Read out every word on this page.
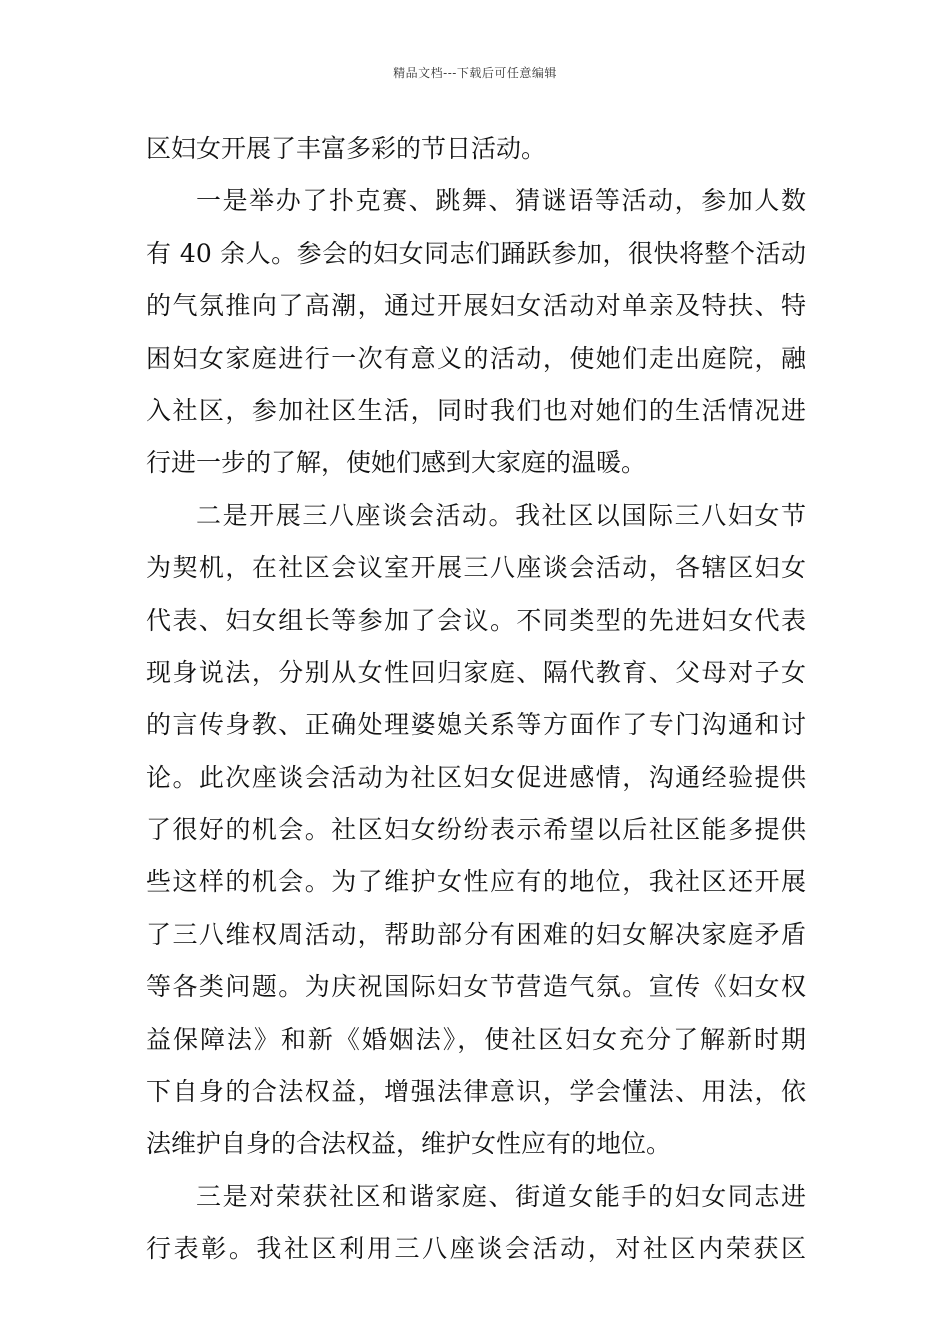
精品文档---下载后可任意编辑
区妇女开展了丰富多彩的节日活动。
一是举办了扑克赛、跳舞、猜谜语等活动，参加人数
有 40 余人。参会的妇女同志们踊跃参加，很快将整个活动
的气氛推向了高潮，通过开展妇女活动对单亲及特扶、特
困妇女家庭进行一次有意义的活动，使她们走出庭院，融
入社区，参加社区生活，同时我们也对她们的生活情况进
行进一步的了解，使她们感到大家庭的温暖。
二是开展三八座谈会活动。我社区以国际三八妇女节
为契机，在社区会议室开展三八座谈会活动，各辖区妇女
代表、妇女组长等参加了会议。不同类型的先进妇女代表
现身说法，分别从女性回归家庭、隔代教育、父母对子女
的言传身教、正确处理婆媳关系等方面作了专门沟通和讨
论。此次座谈会活动为社区妇女促进感情，沟通经验提供
了很好的机会。社区妇女纷纷表示希望以后社区能多提供
些这样的机会。为了维护女性应有的地位，我社区还开展
了三八维权周活动，帮助部分有困难的妇女解决家庭矛盾
等各类问题。为庆祝国际妇女节营造气氛。宣传《妇女权
益保障法》和新《婚姻法》，使社区妇女充分了解新时期
下自身的合法权益，增强法律意识，学会懂法、用法，依
法维护自身的合法权益，维护女性应有的地位。
三是对荣获社区和谐家庭、街道女能手的妇女同志进
行表彰。我社区利用三八座谈会活动，对社区内荣获区
